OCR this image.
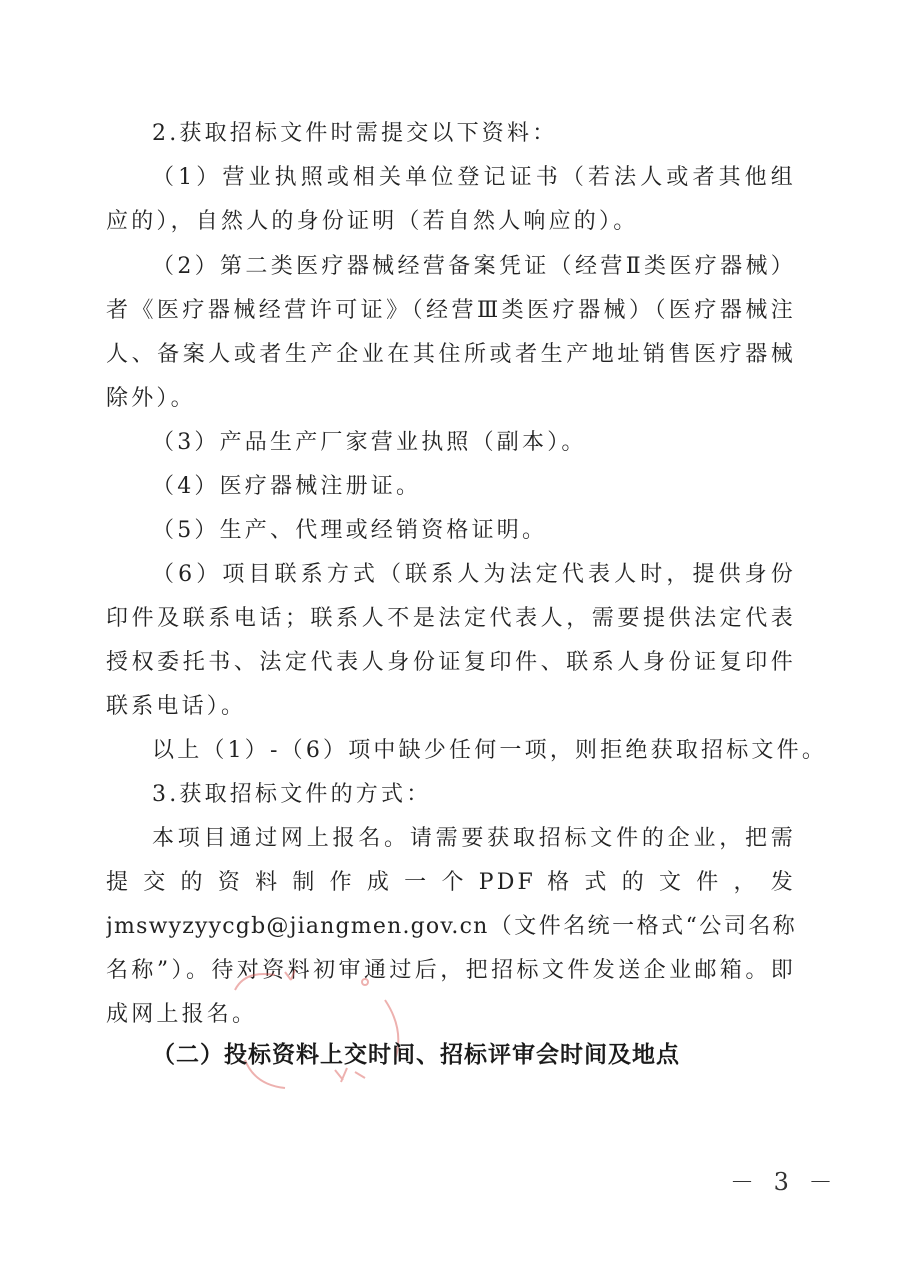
2.获取招标文件时需提交以下资料：
（1）营业执照或相关单位登记证书（若法人或者其他组
应的），自然人的身份证明（若自然人响应的）。
（2）第二类医疗器械经营备案凭证（经营Ⅱ类医疗器械）
者《医疗器械经营许可证》（经营Ⅲ类医疗器械）（医疗器械注
人、备案人或者生产企业在其住所或者生产地址销售医疗器械
除外）。
（3）产品生产厂家营业执照（副本）。
（4）医疗器械注册证。
（5）生产、代理或经销资格证明。
（6）项目联系方式（联系人为法定代表人时，提供身份
印件及联系电话；联系人不是法定代表人，需要提供法定代表
授权委托书、法定代表人身份证复印件、联系人身份证复印件
联系电话）。
以上（1）-（6）项中缺少任何一项，则拒绝获取招标文件。
3.获取招标文件的方式：
本项目通过网上报名。请需要获取招标文件的企业，把需
提 交 的 资 料 制 作 成 一 个 PDF 格 式 的 文 件 ， 发
jmswyzyycgb@jiangmen.gov.cn（文件名统一格式“公司名称
名称”）。待对资料初审通过后，把招标文件发送企业邮箱。即
成网上报名。
（二）投标资料上交时间、招标评审会时间及地点
－ 3 －
